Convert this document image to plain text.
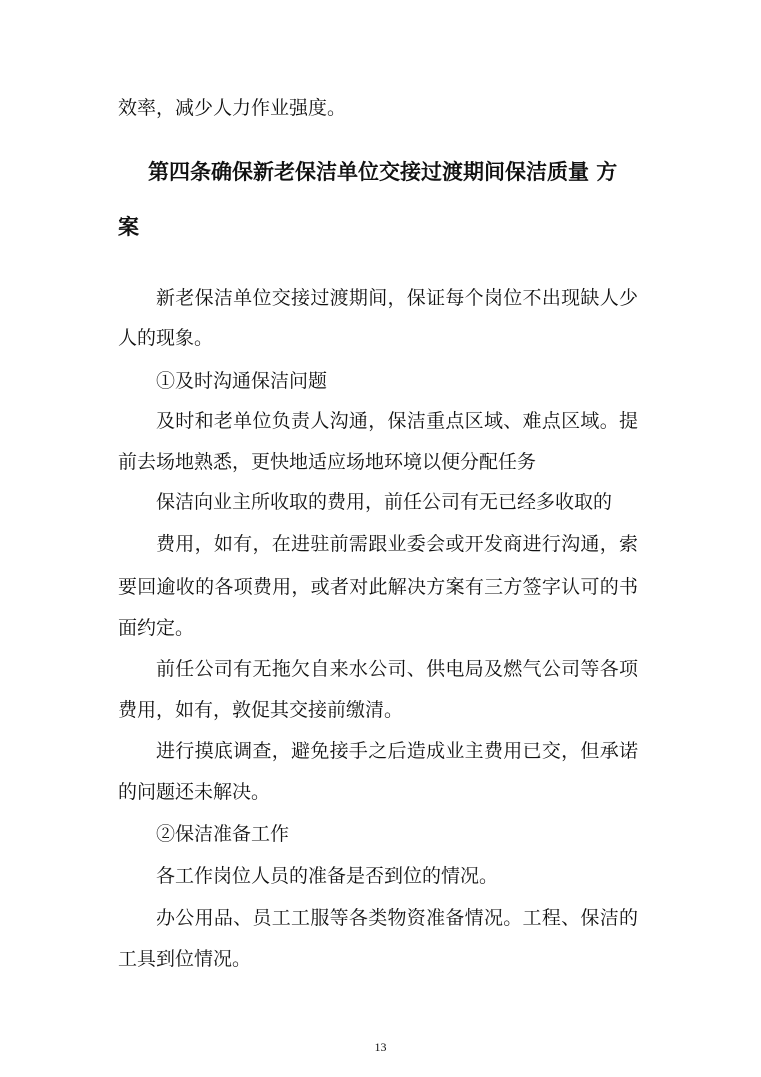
效率，减少人力作业强度。
第四条确保新老保洁单位交接过渡期间保洁质量 方
案
新老保洁单位交接过渡期间，保证每个岗位不出现缺人少
人的现象。
①及时沟通保洁问题
及时和老单位负责人沟通，保洁重点区域、难点区域。提
前去场地熟悉，更快地适应场地环境以便分配任务
保洁向业主所收取的费用，前任公司有无已经多收取的
费用，如有，在进驻前需跟业委会或开发商进行沟通，索
要回逾收的各项费用，或者对此解决方案有三方签字认可的书
面约定。
前任公司有无拖欠自来水公司、供电局及燃气公司等各项
费用，如有，敦促其交接前缴清。
进行摸底调查，避免接手之后造成业主费用已交，但承诺
的问题还未解决。
②保洁准备工作
各工作岗位人员的准备是否到位的情况。
办公用品、员工工服等各类物资准备情况。工程、保洁的
工具到位情况。
13
